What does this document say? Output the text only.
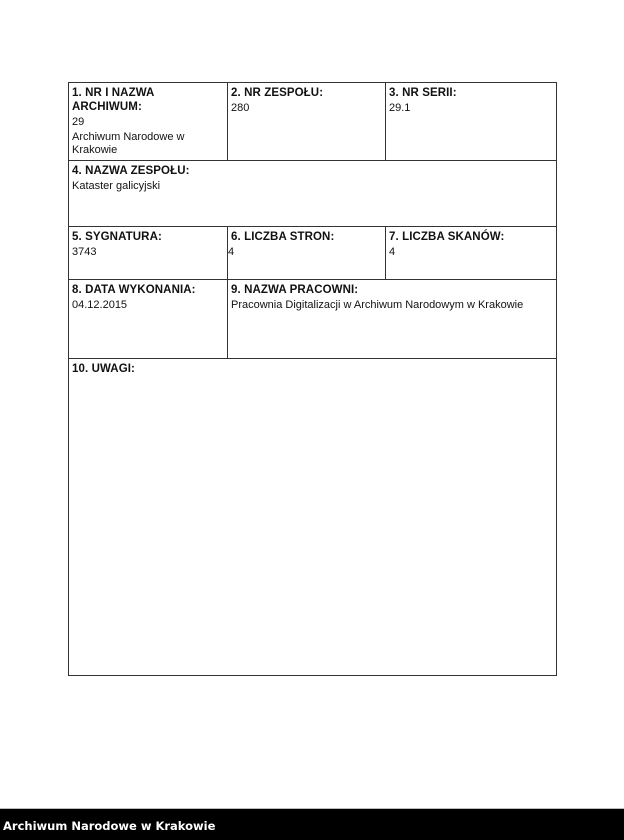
1. NR I NAZWA ARCHIWUM:
29
Archiwum Narodowe w Krakowie
2. NR ZESPOŁU:
280
3. NR SERII:
29.1
4. NAZWA ZESPOŁU:
Kataster galicyjski
5. SYGNATURA:
3743
6. LICZBA STRON:
4
7. LICZBA SKANÓW:
4
8. DATA WYKONANIA:
04.12.2015
9. NAZWA PRACOWNI:
Pracownia Digitalizacji w Archiwum Narodowym w Krakowie
10. UWAGI:
Archiwum Narodowe w Krakowie
